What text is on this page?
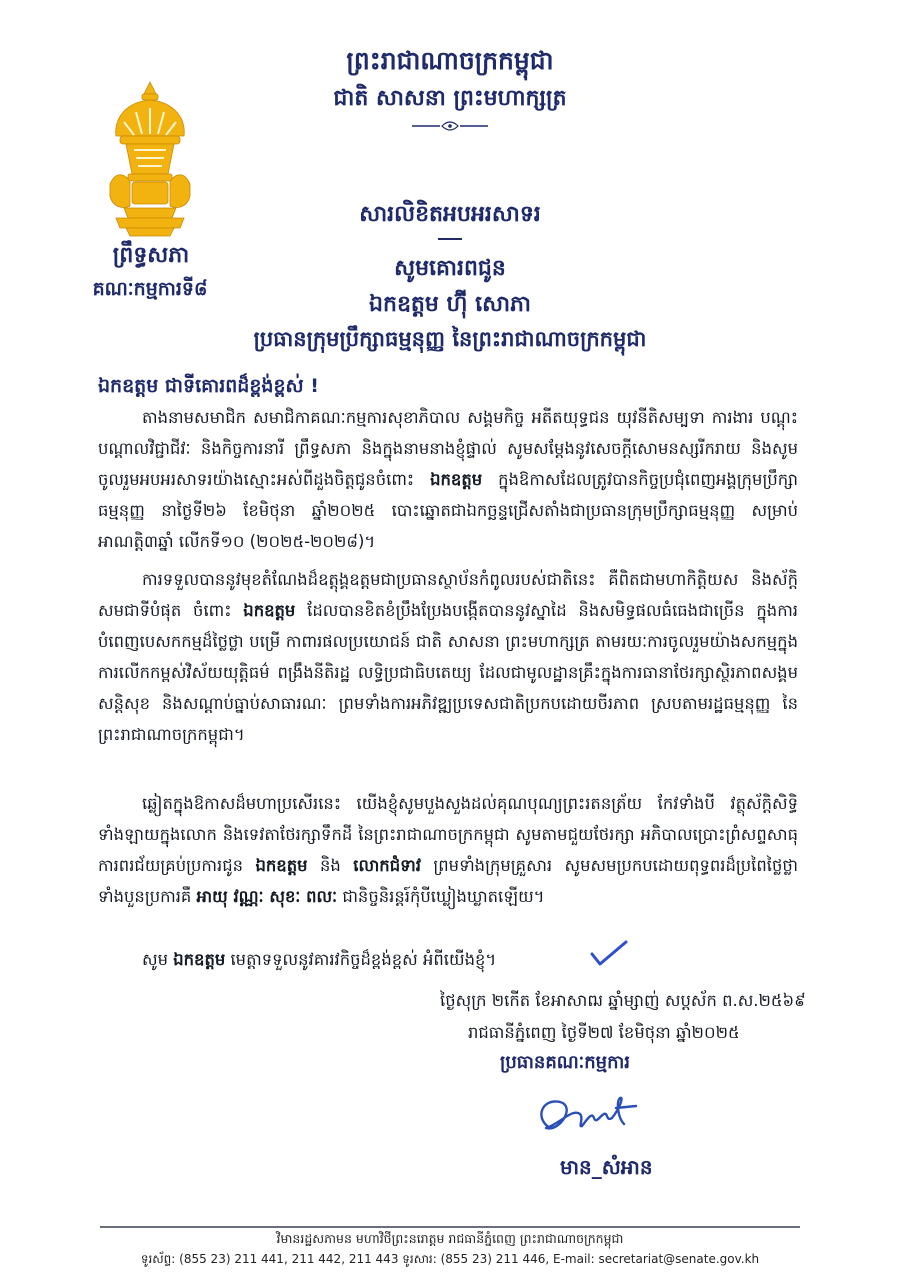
ព្រះរាជាណាចក្រកម្ពុជា
ជាតិ សាសនា ព្រះមហាក្សត្រ
ព្រឹទ្ធសភា
គណៈកម្មការទី៨
សារលិខិតអបអរសាទរ
សូមគោរពជូន
ឯកឧត្តម ហ៊ុី សោភា
ប្រធានក្រុមប្រឹក្សាធម្មនុញ្ញ នៃព្រះរាជាណាចក្រកម្ពុជា
ឯកឧត្តម ជាទីគោរពដ៏ខ្ពង់ខ្ពស់ !
តាងនាមសមាជិក សមាជិកាគណៈកម្មការសុខាភិបាល សង្គមកិច្ច អតីតយុទ្ធជន យុវនីតិសម្បទា ការងារ បណ្តុះបណ្តាលវិជ្ជាជីវៈ និងកិច្ចការនារី ព្រឹទ្ធសភា និងក្នុងនាមនាងខ្ញុំផ្ទាល់ សូមសម្តែងនូវសេចក្តីសោមនស្សរីករាយ និងសូមចូលរួមអបអរសាទរយ៉ាងស្មោះអស់ពីដួងចិត្តជូនចំពោះ ឯកឧត្តម ក្នុងឱកាសដែលត្រូវបានកិច្ចប្រជុំពេញអង្គក្រុមប្រឹក្សាធម្មនុញ្ញ នាថ្ងៃទី២៦ ខែមិថុនា ឆ្នាំ២០២៥ បោះឆ្នោតជាឯកច្ឆន្ទជ្រើសតាំងជាប្រធានក្រុមប្រឹក្សាធម្មនុញ្ញ សម្រាប់អាណត្តិ៣ឆ្នាំ លើកទី១០ (២០២៥-២០២៨)។
ការទទួលបាននូវមុខតំណែងដ៏ឧត្តុង្គឧត្តមជាប្រធានស្ថាប័នកំពូលរបស់ជាតិនេះ គឺពិតជាមហាកិត្តិយស និងស័ក្តិសមជាទីបំផុត ចំពោះ ឯកឧត្តម ដែលបានខិតខំប្រឹងប្រែងបង្កើតបាននូវស្នាដៃ និងសមិទ្ធផលធំធេងជាច្រើន ក្នុងការបំពេញបេសកកម្មដ៏ថ្លៃថ្លា បម្រើ កាពារផលប្រយោជន៍ ជាតិ សាសនា ព្រះមហាក្សត្រ តាមរយៈការចូលរួមយ៉ាងសកម្មក្នុងការលើកកម្ពស់វិស័យយុត្តិធម៌ ពង្រឹងនីតិរដ្ឋ លទ្ធិប្រជាធិបតេយ្យ ដែលជាមូលដ្ឋានគ្រឹះក្នុងការធានាថែរក្សាស្ថិរភាពសង្គម សន្តិសុខ និងសណ្តាប់ធ្នាប់សាធារណៈ ព្រមទាំងការអភិវឌ្ឍប្រទេសជាតិប្រកបដោយចីរភាព ស្របតាមរដ្ឋធម្មនុញ្ញ នៃព្រះរាជាណាចក្រកម្ពុជា។
ឆ្លៀតក្នុងឱកាសដ៏មហាប្រសើរនេះ យើងខ្ញុំសូមបួងសួងដល់គុណបុណ្យព្រះរតនត្រ័យ កែវទាំងបី វត្ថុស័ក្តិសិទ្ធិទាំងឡាយក្នុងលោក និងទេវតាថែរក្សាទឹកដី នៃព្រះរាជាណាចក្រកម្ពុជា សូមតាមជួយថែរក្សា អភិបាលប្រោះព្រំសព្ទសាធុការពរជ័យគ្រប់ប្រការជូន ឯកឧត្តម និង លោកជំទាវ ព្រមទាំងក្រុមគ្រួសារ សូមសមប្រកបដោយពុទ្ធពរដ៏ប្រពៃថ្លៃថ្លាទាំងបួនប្រការគឺ អាយុ វណ្ណៈ សុខៈ ពលៈ ជានិច្ចនិរន្តរ៍កុំបីឃ្លៀងឃ្លាតឡើយ។
សូម ឯកឧត្តម មេត្តាទទួលនូវគារវកិច្ចដ៏ខ្ពង់ខ្ពស់ អំពីយើងខ្ញុំ។
ថ្ងៃសុក្រ ២កើត ខែអាសាឍ ឆ្នាំម្សាញ់ សប្តស័ក ព.ស.២៥៦៩
រាជធានីភ្នំពេញ ថ្ងៃទី២៧ ខែមិថុនា ឆ្នាំ២០២៥
ប្រធានគណៈកម្មការ
មាន_សំអាន
វិមានរដ្ឋសភាមន មហាវិថីព្រះនរោត្តម រាជធានីភ្នំពេញ ព្រះរាជាណាចក្រកម្ពុជា
ទូរស័ព្ទ: (855 23) 211 441, 211 442, 211 443 ទូរសារ: (855 23) 211 446, E-mail: secretariat@senate.gov.kh
